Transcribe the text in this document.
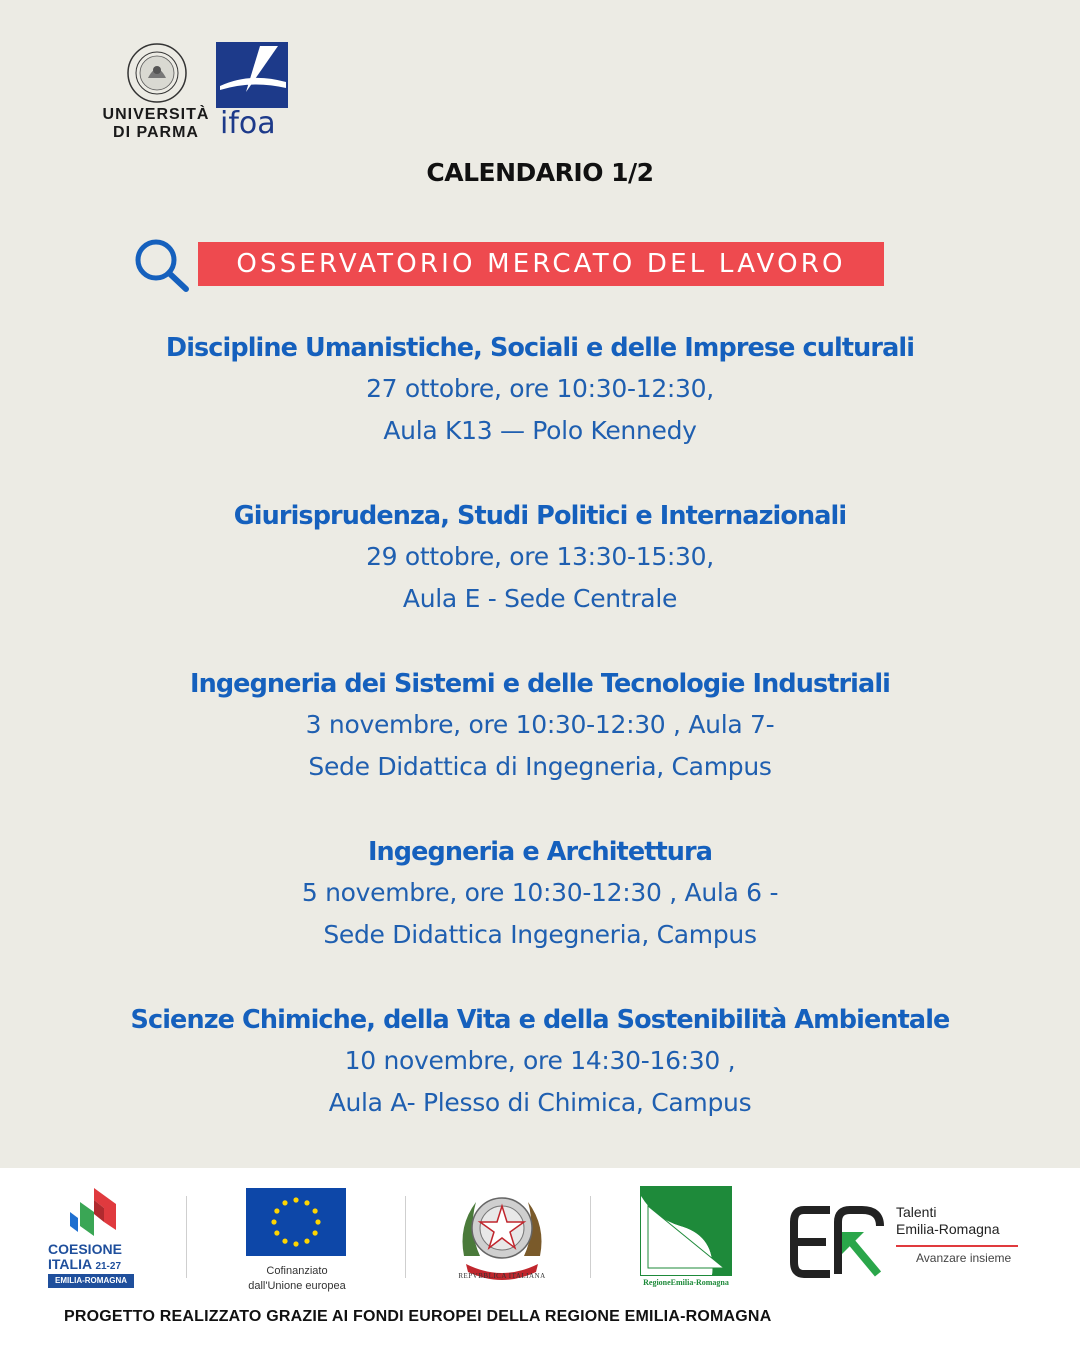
UNIVERSITÀ
DI PARMA ifoa
CALENDARIO 1/2
OSSERVATORIO MERCATO DEL LAVORO
Discipline Umanistiche, Sociali e delle Imprese culturali
27 ottobre, ore 10:30-12:30,
Aula K13 — Polo Kennedy
Giurisprudenza, Studi Politici e Internazionali
29 ottobre, ore 13:30-15:30,
Aula E - Sede Centrale
Ingegneria dei Sistemi e delle Tecnologie Industriali
3 novembre, ore 10:30-12:30 , Aula 7-
Sede Didattica di Ingegneria, Campus
Ingegneria e Architettura
5 novembre, ore 10:30-12:30 , Aula 6 -
Sede Didattica Ingegneria, Campus
Scienze Chimiche, della Vita e della Sostenibilità Ambientale
10 novembre, ore 14:30-16:30 ,
Aula A- Plesso di Chimica, Campus
COESIONE
ITALIA 21-27
EMILIA-ROMAGNA
Cofinanziato
dall'Unione europea
REPVBBLICA ITALIANA
RegioneEmilia-Romagna
Talenti
Emilia-Romagna
Avanzare insieme
PROGETTO REALIZZATO GRAZIE AI FONDI EUROPEI DELLA REGIONE EMILIA-ROMAGNA
